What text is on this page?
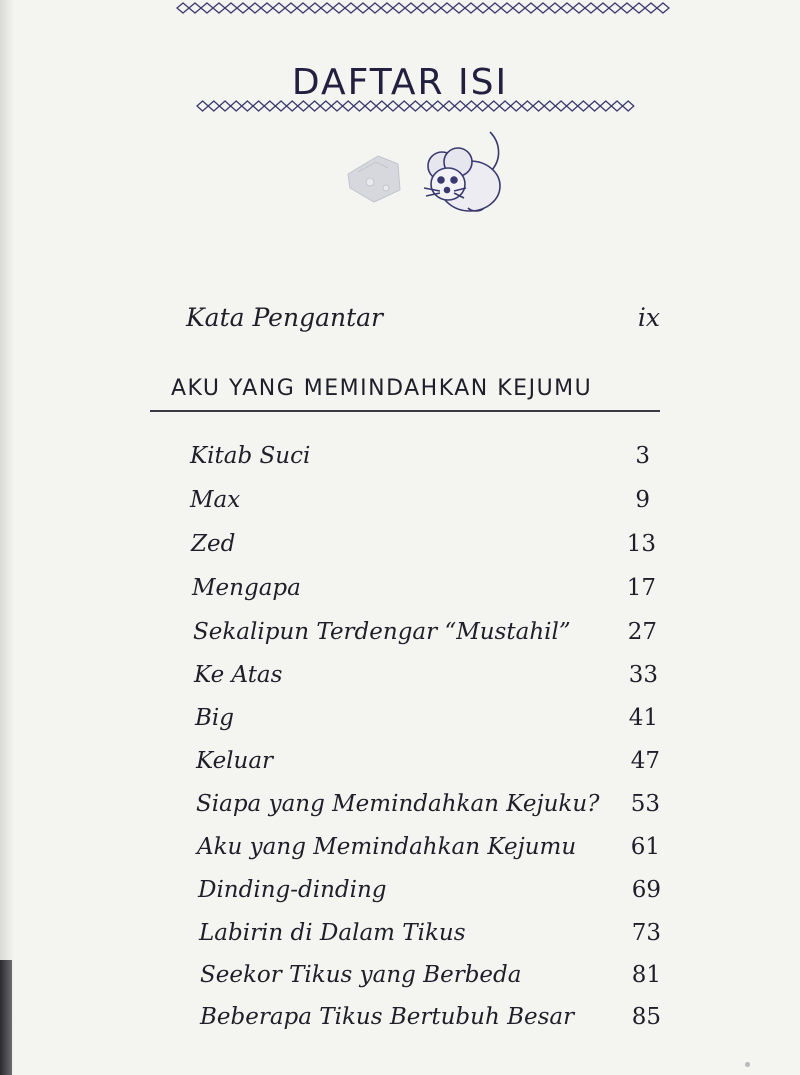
DAFTAR ISI
Kata Pengantar	ix
AKU YANG MEMINDAHKAN KEJUMU
Kitab Suci	3
Max	9
Zed	13
Mengapa	17
Sekalipun Terdengar “Mustahil” 27
Ke Atas	33
Big	41
Keluar	47
Siapa yang Memindahkan Kejuku? 53
Aku yang Memindahkan Kejumu 61
Dinding-dinding	69
Labirin di Dalam Tikus	73
Seekor Tikus yang Berbeda	81
Beberapa Tikus Bertubuh Besar	85
